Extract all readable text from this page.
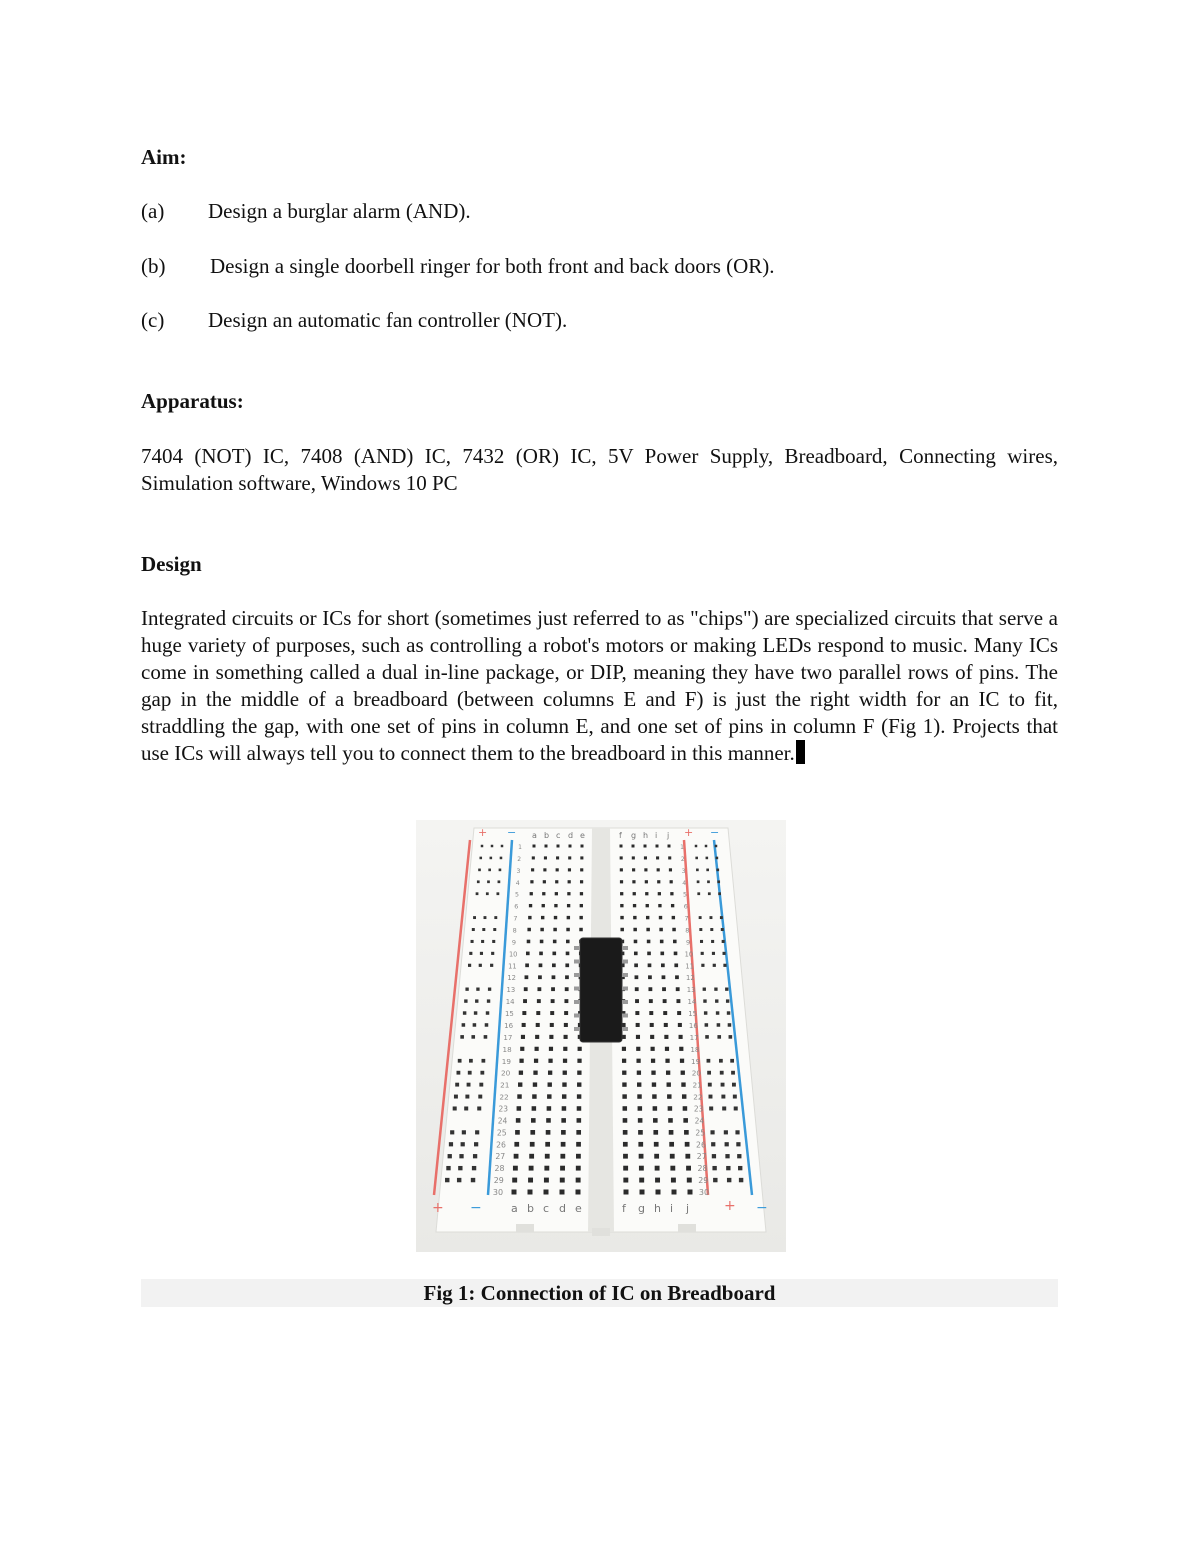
Aim:
(a) Design a burglar alarm (AND).
(b) Design a single doorbell ringer for both front and back doors (OR).
(c) Design an automatic fan controller (NOT).
Apparatus:

7404 (NOT) IC, 7408 (AND) IC, 7432 (OR) IC, 5V Power Supply, Breadboard, Connecting wires, Simulation software, Windows 10 PC

Design

Integrated circuits or ICs for short (sometimes just referred to as "chips") are specialized circuits that serve a huge variety of purposes, such as controlling a robot's motors or making LEDs respond to music. Many ICs come in something called a dual in-line package, or DIP, meaning they have two parallel rows of pins. The gap in the middle of a breadboard (between columns E and F) is just the right width for an IC to fit, straddling the gap, with one set of pins in column E, and one set of pins in column F (Fig 1). Projects that use ICs will always tell you to connect them to the breadboard in this manner.

1	1
2	2
3	3
4	4
5	5
6	6
7	7
8	8
9	9
10	10
11	11
12	12
13	13
14	14
15	15
16	16
17	17
18	18
19	19
20	20
21	21
22	22
23	23
24	24
25	25
26	26
27	27
28	28
29	29
30	30
a b c d e	f g h i j
a b c d e	f g h i j
+ −	+ −
+ −	+ −
Fig 1: Connection of IC on Breadboard
